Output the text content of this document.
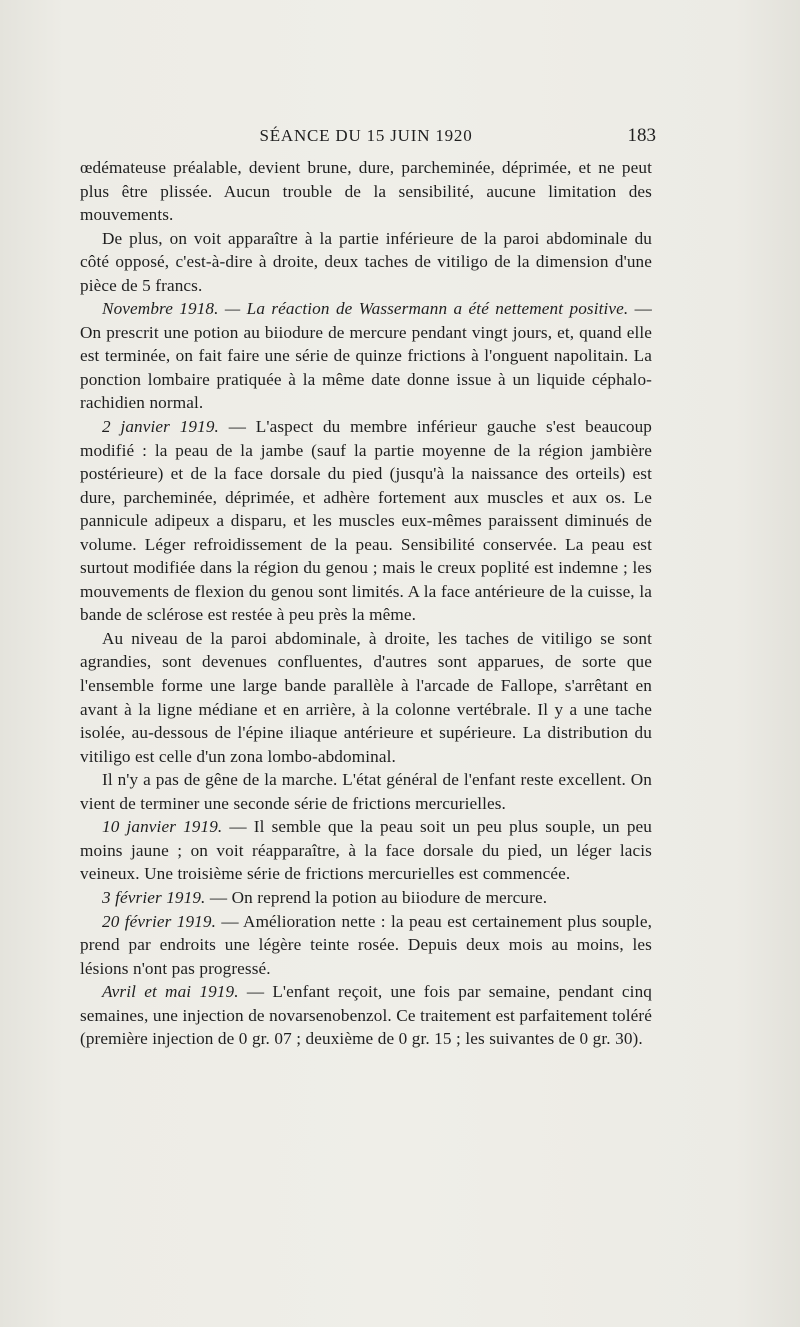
SÉANCE DU 15 JUIN 1920	183

œdémateuse préalable, devient brune, dure, parcheminée, déprimée, et ne peut plus être plissée. Aucun trouble de la sensibilité, aucune limitation des mouvements.

De plus, on voit apparaître à la partie inférieure de la paroi abdominale du côté opposé, c'est-à-dire à droite, deux taches de vitiligo de la dimension d'une pièce de 5 francs.

Novembre 1918. — La réaction de Wassermann a été nettement positive. — On prescrit une potion au biiodure de mercure pendant vingt jours, et, quand elle est terminée, on fait faire une série de quinze frictions à l'onguent napolitain. La ponction lombaire pratiquée à la même date donne issue à un liquide céphalo-rachidien normal.

2 janvier 1919. — L'aspect du membre inférieur gauche s'est beaucoup modifié : la peau de la jambe (sauf la partie moyenne de la région jambière postérieure) et de la face dorsale du pied (jusqu'à la naissance des orteils) est dure, parcheminée, déprimée, et adhère fortement aux muscles et aux os. Le pannicule adipeux a disparu, et les muscles eux-mêmes paraissent diminués de volume. Léger refroidissement de la peau. Sensibilité conservée. La peau est surtout modifiée dans la région du genou ; mais le creux poplité est indemne ; les mouvements de flexion du genou sont limités. A la face antérieure de la cuisse, la bande de sclérose est restée à peu près la même.

Au niveau de la paroi abdominale, à droite, les taches de vitiligo se sont agrandies, sont devenues confluentes, d'autres sont apparues, de sorte que l'ensemble forme une large bande parallèle à l'arcade de Fallope, s'arrêtant en avant à la ligne médiane et en arrière, à la colonne vertébrale. Il y a une tache isolée, au-dessous de l'épine iliaque antérieure et supérieure. La distribution du vitiligo est celle d'un zona lombo-abdominal.

Il n'y a pas de gêne de la marche. L'état général de l'enfant reste excellent. On vient de terminer une seconde série de frictions mercurielles.

10 janvier 1919. — Il semble que la peau soit un peu plus souple, un peu moins jaune ; on voit réapparaître, à la face dorsale du pied, un léger lacis veineux. Une troisième série de frictions mercurielles est commencée.

3 février 1919. — On reprend la potion au biiodure de mercure.

20 février 1919. — Amélioration nette : la peau est certainement plus souple, prend par endroits une légère teinte rosée. Depuis deux mois au moins, les lésions n'ont pas progressé.

Avril et mai 1919. — L'enfant reçoit, une fois par semaine, pendant cinq semaines, une injection de novarsenobenzol. Ce traitement est parfaitement toléré (première injection de 0 gr. 07 ; deuxième de 0 gr. 15 ; les suivantes de 0 gr. 30).
